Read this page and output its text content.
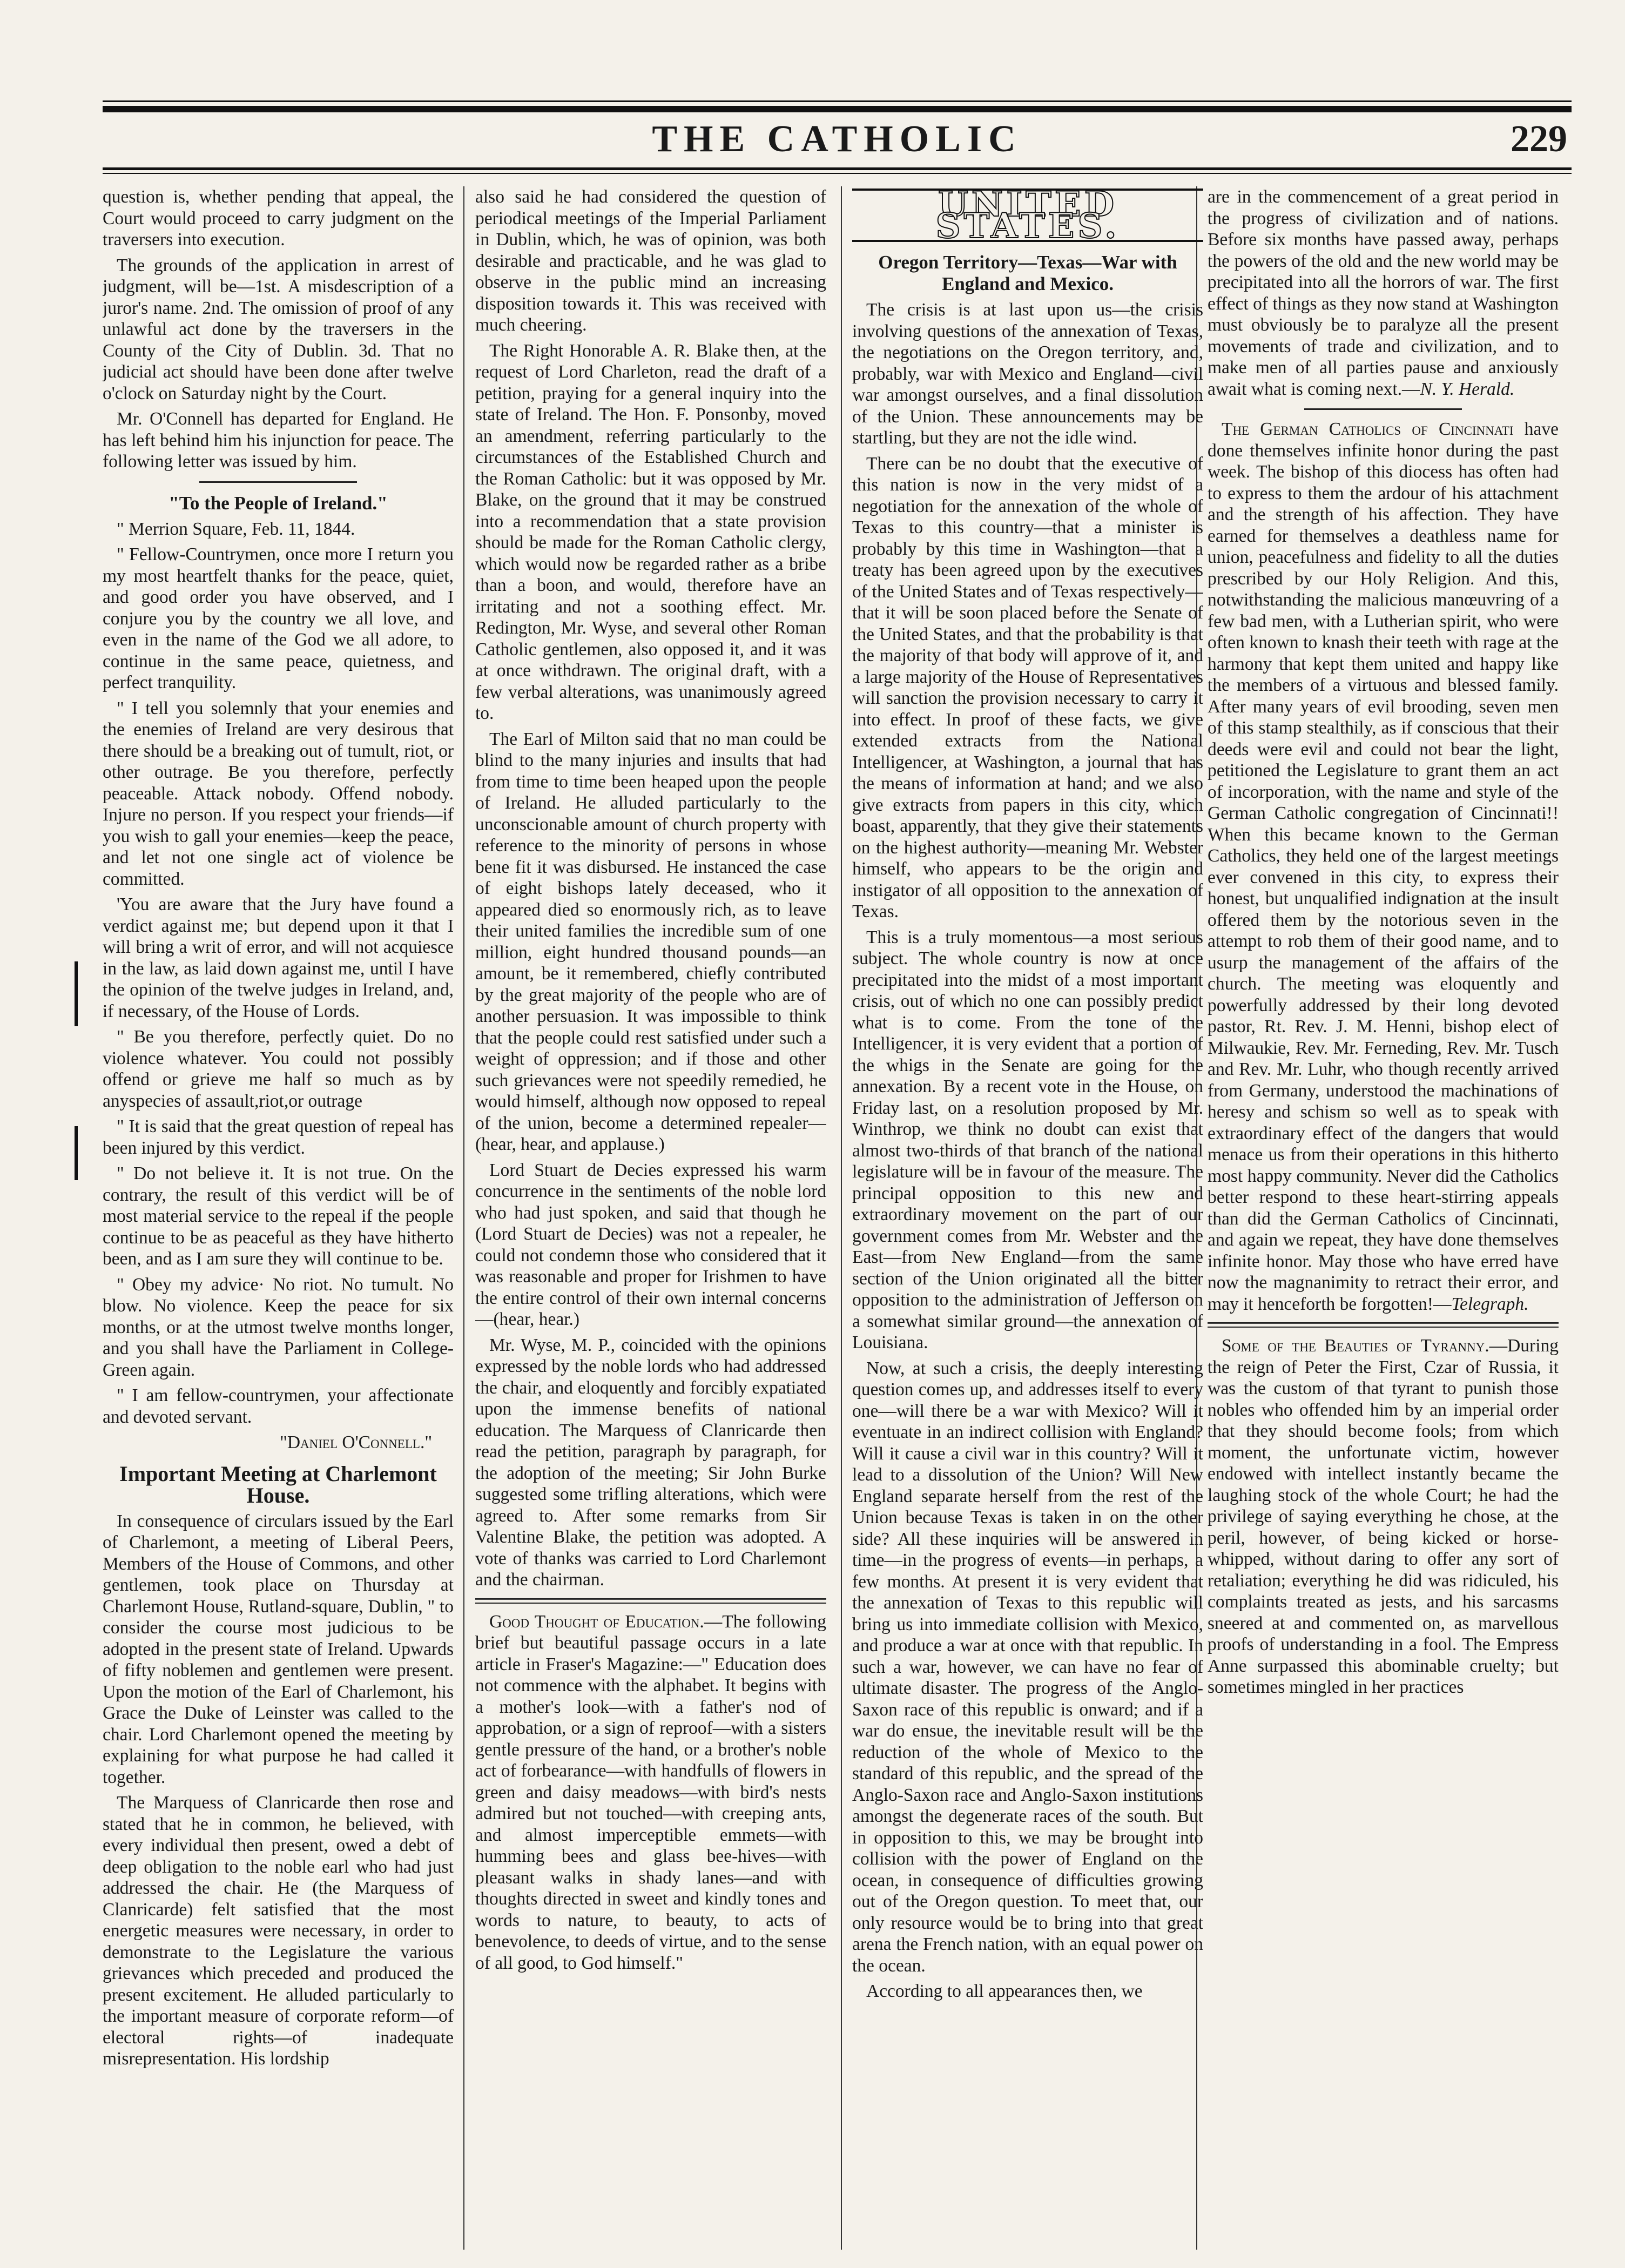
THE CATHOLIC	229

question is, whether pending that appeal, the Court would proceed to carry judgment on the traversers into execution.

The grounds of the application in arrest of judgment, will be—1st. A misdescription of a juror's name. 2nd. The omission of proof of any unlawful act done by the traversers in the County of the City of Dublin. 3d. That no judicial act should have been done after twelve o'clock on Saturday night by the Court.

Mr. O'Connell has departed for England. He has left behind him his injunction for peace. The following letter was issued by him.

"To the People of Ireland."

" Merrion Square, Feb. 11, 1844.

" Fellow-Countrymen, once more I return you my most heartfelt thanks for the peace, quiet, and good order you have observed, and I conjure you by the country we all love, and even in the name of the God we all adore, to continue in the same peace, quietness, and perfect tranquility.

" I tell you solemnly that your enemies and the enemies of Ireland are very desirous that there should be a breaking out of tumult, riot, or other outrage. Be you therefore, perfectly peaceable. Attack nobody. Offend nobody. Injure no person. If you respect your friends—if you wish to gall your enemies—keep the peace, and let not one single act of violence be committed.

'You are aware that the Jury have found a verdict against me; but depend upon it that I will bring a writ of error, and will not acquiesce in the law, as laid down against me, until I have the opinion of the twelve judges in Ireland, and, if necessary, of the House of Lords.

" Be you therefore, perfectly quiet. Do no violence whatever. You could not possibly offend or grieve me half so much as by anyspecies of assault,riot,or outrage

" It is said that the great question of repeal has been injured by this verdict.

" Do not believe it. It is not true. On the contrary, the result of this verdict will be of most material service to the repeal if the people continue to be as peaceful as they have hitherto been, and as I am sure they will continue to be.

" Obey my advice· No riot. No tumult. No blow. No violence. Keep the peace for six months, or at the utmost twelve months longer, and you shall have the Parliament in College-Green again.

" I am fellow-countrymen, your affectionate and devoted servant.

"Daniel O'Connell."
Important Meeting at Charlemont House.

In consequence of circulars issued by the Earl of Charlemont, a meeting of Liberal Peers, Members of the House of Commons, and other gentlemen, took place on Thursday at Charlemont House, Rutland-square, Dublin, " to consider the course most judicious to be adopted in the present state of Ireland. Upwards of fifty noblemen and gentlemen were present. Upon the motion of the Earl of Charlemont, his Grace the Duke of Leinster was called to the chair. Lord Charlemont opened the meeting by explaining for what purpose he had called it together.

The Marquess of Clanricarde then rose and stated that he in common, he believed, with every individual then present, owed a debt of deep obligation to the noble earl who had just addressed the chair. He (the Marquess of Clanricarde) felt satisfied that the most energetic measures were necessary, in order to demonstrate to the Legislature the various grievances which preceded and produced the present excitement. He alluded particularly to the important measure of corporate reform—of electoral rights—of inadequate misrepresentation. His lordship

also said he had considered the question of periodical meetings of the Imperial Parliament in Dublin, which, he was of opinion, was both desirable and practicable, and he was glad to observe in the public mind an increasing disposition towards it. This was received with much cheering.

The Right Honorable A. R. Blake then, at the request of Lord Charleton, read the draft of a petition, praying for a general inquiry into the state of Ireland. The Hon. F. Ponsonby, moved an amendment, referring particularly to the circumstances of the Established Church and the Roman Catholic: but it was opposed by Mr. Blake, on the ground that it may be construed into a recommendation that a state provision should be made for the Roman Catholic clergy, which would now be regarded rather as a bribe than a boon, and would, therefore have an irritating and not a soothing effect. Mr. Redington, Mr. Wyse, and several other Roman Catholic gentlemen, also opposed it, and it was at once withdrawn. The original draft, with a few verbal alterations, was unanimously agreed to.

The Earl of Milton said that no man could be blind to the many injuries and insults that had from time to time been heaped upon the people of Ireland. He alluded particularly to the unconscionable amount of church property with reference to the minority of persons in whose bene fit it was disbursed. He instanced the case of eight bishops lately deceased, who it appeared died so enormously rich, as to leave their united families the incredible sum of one million, eight hundred thousand pounds—an amount, be it remembered, chiefly contributed by the great majority of the people who are of another persuasion. It was impossible to think that the people could rest satisfied under such a weight of oppression; and if those and other such grievances were not speedily remedied, he would himself, although now opposed to repeal of the union, become a determined repealer—(hear, hear, and applause.)

Lord Stuart de Decies expressed his warm concurrence in the sentiments of the noble lord who had just spoken, and said that though he (Lord Stuart de Decies) was not a repealer, he could not condemn those who considered that it was reasonable and proper for Irishmen to have the entire control of their own internal concerns—(hear, hear.)

Mr. Wyse, M. P., coincided with the opinions expressed by the noble lords who had addressed the chair, and eloquently and forcibly expatiated upon the immense benefits of national education. The Marquess of Clanricarde then read the petition, paragraph by paragraph, for the adoption of the meeting; Sir John Burke suggested some trifling alterations, which were agreed to. After some remarks from Sir Valentine Blake, the petition was adopted. A vote of thanks was carried to Lord Charlemont and the chairman.

Good Thought of Education.—The following brief but beautiful passage occurs in a late article in Fraser's Magazine:—" Education does not commence with the alphabet. It begins with a mother's look—with a father's nod of approbation, or a sign of reproof—with a sisters gentle pressure of the hand, or a brother's noble act of forbearance—with handfulls of flowers in green and daisy meadows—with bird's nests admired but not touched—with creeping ants, and almost imperceptible emmets—with humming bees and glass bee-hives—with pleasant walks in shady lanes—and with thoughts directed in sweet and kindly tones and words to nature, to beauty, to acts of benevolence, to deeds of virtue, and to the sense of all good, to God himself."

UNITED STATES.
Oregon Territory—Texas—War with England and Mexico.

The crisis is at last upon us—the crisis involving questions of the annexation of Texas, the negotiations on the Oregon territory, and, probably, war with Mexico and England—civil war amongst ourselves, and a final dissolution of the Union. These announcements may be startling, but they are not the idle wind.

There can be no doubt that the executive of this nation is now in the very midst of a negotiation for the annexation of the whole of Texas to this country—that a minister is probably by this time in Washington—that a treaty has been agreed upon by the executives of the United States and of Texas respectively—that it will be soon placed before the Senate of the United States, and that the probability is that the majority of that body will approve of it, and a large majority of the House of Representatives will sanction the provision necessary to carry it into effect. In proof of these facts, we give extended extracts from the National Intelligencer, at Washington, a journal that has the means of information at hand; and we also give extracts from papers in this city, which boast, apparently, that they give their statements on the highest authority—meaning Mr. Webster himself, who appears to be the origin and instigator of all opposition to the annexation of Texas.

This is a truly momentous—a most serious subject. The whole country is now at once precipitated into the midst of a most important crisis, out of which no one can possibly predict what is to come. From the tone of the Intelligencer, it is very evident that a portion of the whigs in the Senate are going for the annexation. By a recent vote in the House, on Friday last, on a resolution proposed by Mr. Winthrop, we think no doubt can exist that almost two-thirds of that branch of the national legislature will be in favour of the measure. The principal opposition to this new and extraordinary movement on the part of our government comes from Mr. Webster and the East—from New England—from the same section of the Union originated all the bitter opposition to the administration of Jefferson on a somewhat similar ground—the annexation of Louisiana.

Now, at such a crisis, the deeply interesting question comes up, and addresses itself to every one—will there be a war with Mexico? Will it eventuate in an indirect collision with England? Will it cause a civil war in this country? Will it lead to a dissolution of the Union? Will New England separate herself from the rest of the Union because Texas is taken in on the other side? All these inquiries will be answered in time—in the progress of events—in perhaps, a few months. At present it is very evident that the annexation of Texas to this republic will bring us into immediate collision with Mexico, and produce a war at once with that republic. In such a war, however, we can have no fear of ultimate disaster. The progress of the Anglo-Saxon race of this republic is onward; and if a war do ensue, the inevitable result will be the reduction of the whole of Mexico to the standard of this republic, and the spread of the Anglo-Saxon race and Anglo-Saxon institutions amongst the degenerate races of the south. But in opposition to this, we may be brought into collision with the power of England on the ocean, in consequence of difficulties growing out of the Oregon question. To meet that, our only resource would be to bring into that great arena the French nation, with an equal power on the ocean.

According to all appearances then, we

are in the commencement of a great period in the progress of civilization and of nations. Before six months have passed away, perhaps the powers of the old and the new world may be precipitated into all the horrors of war. The first effect of things as they now stand at Washington must obviously be to paralyze all the present movements of trade and civilization, and to make men of all parties pause and anxiously await what is coming next.—N. Y. Herald.

The German Catholics of Cincinnati have done themselves infinite honor during the past week. The bishop of this diocess has often had to express to them the ardour of his attachment and the strength of his affection. They have earned for themselves a deathless name for union, peacefulness and fidelity to all the duties prescribed by our Holy Religion. And this, notwithstanding the malicious manœuvring of a few bad men, with a Lutherian spirit, who were often known to knash their teeth with rage at the harmony that kept them united and happy like the members of a virtuous and blessed family. After many years of evil brooding, seven men of this stamp stealthily, as if conscious that their deeds were evil and could not bear the light, petitioned the Legislature to grant them an act of incorporation, with the name and style of the German Catholic congregation of Cincinnati!! When this became known to the German Catholics, they held one of the largest meetings ever convened in this city, to express their honest, but unqualified indignation at the insult offered them by the notorious seven in the attempt to rob them of their good name, and to usurp the management of the affairs of the church. The meeting was eloquently and powerfully addressed by their long devoted pastor, Rt. Rev. J. M. Henni, bishop elect of Milwaukie, Rev. Mr. Ferneding, Rev. Mr. Tusch and Rev. Mr. Luhr, who though recently arrived from Germany, understood the machinations of heresy and schism so well as to speak with extraordinary effect of the dangers that would menace us from their operations in this hitherto most happy community. Never did the Catholics better respond to these heart-stirring appeals than did the German Catholics of Cincinnati, and again we repeat, they have done themselves infinite honor. May those who have erred have now the magnanimity to retract their error, and may it henceforth be forgotten!—Telegraph.

Some of the Beauties of Tyranny.—During the reign of Peter the First, Czar of Russia, it was the custom of that tyrant to punish those nobles who offended him by an imperial order that they should become fools; from which moment, the unfortunate victim, however endowed with intellect instantly became the laughing stock of the whole Court; he had the privilege of saying everything he chose, at the peril, however, of being kicked or horse-whipped, without daring to offer any sort of retaliation; everything he did was ridiculed, his complaints treated as jests, and his sarcasms sneered at and commented on, as marvellous proofs of understanding in a fool. The Empress Anne surpassed this abominable cruelty; but sometimes mingled in her practices
